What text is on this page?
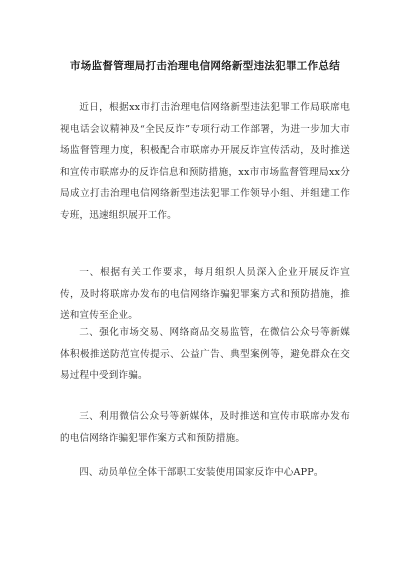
市场监督管理局打击治理电信网络新型违法犯罪工作总结

近日，根据xx市打击治理电信网络新型违法犯罪工作局联席电视电话会议精神及“全民反诈”专项行动工作部署，为进一步加大市场监督管理力度，积极配合市联席办开展反诈宣传活动，及时推送和宣传市联席办的反诈信息和预防措施，xx市市场监督管理局xx分局成立打击治理电信网络新型违法犯罪工作领导小组、并组建工作专班，迅速组织展开工作。

一、根据有关工作要求，每月组织人员深入企业开展反诈宣传，及时将联席办发布的电信网络诈骗犯罪案方式和预防措施，推送和宣传至企业。

二、强化市场交易、网络商品交易监管，在微信公众号等新媒体积极推送防范宣传提示、公益广告、典型案例等，避免群众在交易过程中受到诈骗。

三、利用微信公众号等新媒体，及时推送和宣传市联席办发布的电信网络诈骗犯罪作案方式和预防措施。

四、动员单位全体干部职工安装使用国家反诈中心APP。
